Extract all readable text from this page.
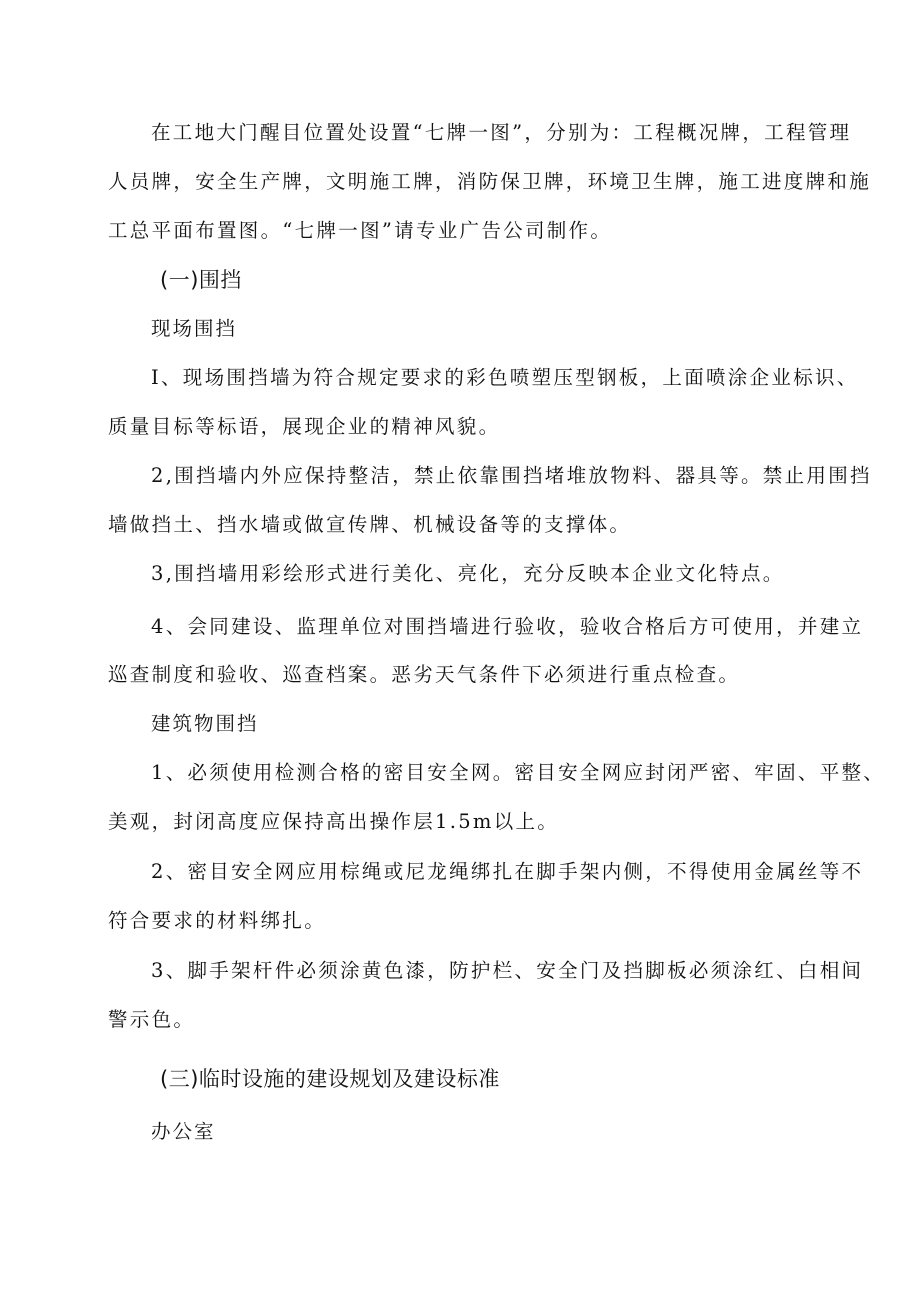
在工地大门醒目位置处设置“七牌一图”，分别为：工程概况牌，工程管理
人员牌，安全生产牌，文明施工牌，消防保卫牌，环境卫生牌，施工进度牌和施
工总平面布置图。“七牌一图”请专业广告公司制作。
(一)围挡
现场围挡
I、现场围挡墙为符合规定要求的彩色喷塑压型钢板，上面喷涂企业标识、
质量目标等标语，展现企业的精神风貌。
2,围挡墙内外应保持整洁，禁止依靠围挡堵堆放物料、器具等。禁止用围挡
墙做挡土、挡水墙或做宣传牌、机械设备等的支撑体。
3,围挡墙用彩绘形式进行美化、亮化，充分反映本企业文化特点。
4、会同建设、监理单位对围挡墙进行验收，验收合格后方可使用，并建立
巡查制度和验收、巡查档案。恶劣天气条件下必须进行重点检查。
建筑物围挡
1、必须使用检测合格的密目安全网。密目安全网应封闭严密、牢固、平整、
美观，封闭高度应保持高出操作层1.5m以上。
2、密目安全网应用棕绳或尼龙绳绑扎在脚手架内侧，不得使用金属丝等不
符合要求的材料绑扎。
3、脚手架杆件必须涂黄色漆，防护栏、安全门及挡脚板必须涂红、白相间
警示色。
(三)临时设施的建设规划及建设标准
办公室
